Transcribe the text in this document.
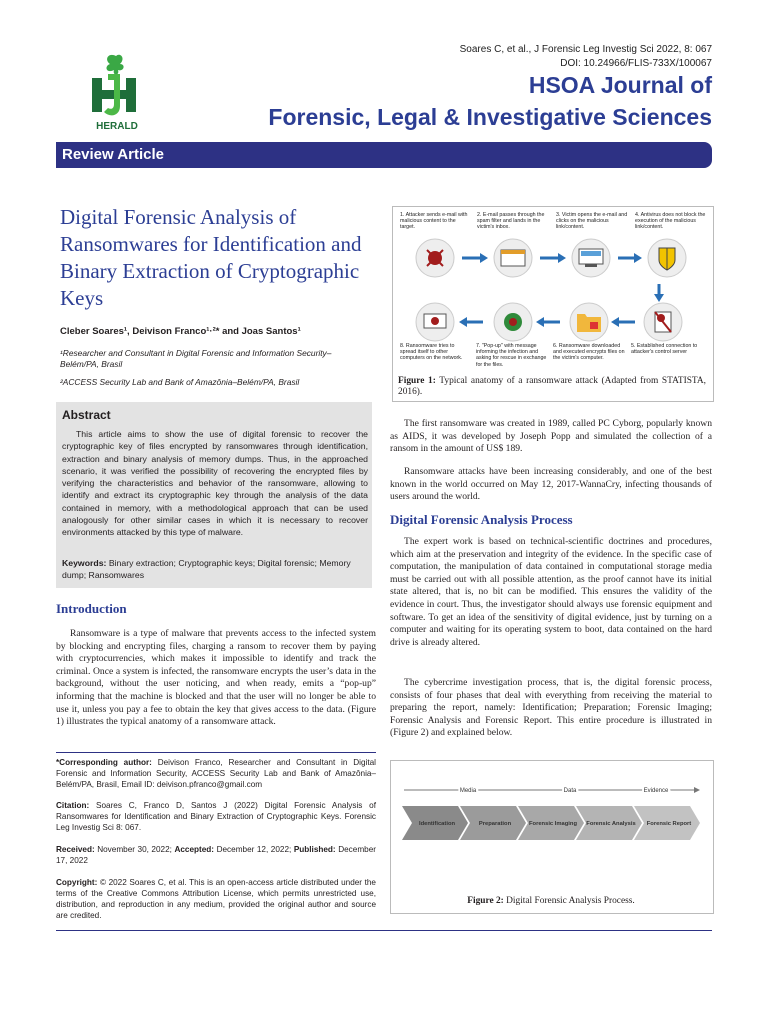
Soares C, et al., J Forensic Leg Investig Sci 2022, 8: 067
DOI: 10.24966/FLIS-733X/100067
HSOA Journal of
Forensic, Legal & Investigative Sciences
HERALD
Review Article
Digital Forensic Analysis of Ransomwares for Identification and Binary Extraction of Cryptographic Keys
Cleber Soares¹, Deivison Franco¹·²* and Joas Santos¹
¹Researcher and Consultant in Digital Forensic and Information Security– Belém/PA, Brasil
²ACCESS Security Lab and Bank of Amazônia–Belém/PA, Brasil
Abstract
This article aims to show the use of digital forensic to recover the cryptographic key of files encrypted by ransomwares through identification, extraction and binary analysis of memory dumps. Thus, in the approached scenario, it was verified the possibility of recovering the encrypted files by verifying the characteristics and behavior of the ransomware, allowing to identify and extract its cryptographic key through the analysis of the data contained in memory, with a methodological approach that can be used analogously for other similar cases in which it is necessary to recover environments attacked by this type of malware.
Keywords: Binary extraction; Cryptographic keys; Digital forensic; Memory dump; Ransomwares
Introduction
Ransomware is a type of malware that prevents access to the infected system by blocking and encrypting files, charging a ransom to recover them by paying with cryptocurrencies, which makes it impossible to identify and track the criminal. Once a system is infected, the ransomware encrypts the user’s data in the background, without the user noticing, and when ready, emits a “pop-up” informing that the machine is blocked and that the user will no longer be able to use it, unless you pay a fee to obtain the key that gives access to the data. (Figure 1) illustrates the typical anatomy of a ransomware attack.
*Corresponding author: Deivison Franco, Researcher and Consultant in Digital Forensic and Information Security, ACCESS Security Lab and Bank of Amazônia–Belém/PA, Brasil, Email ID: deivison.pfranco@gmail.com
Citation: Soares C, Franco D, Santos J (2022) Digital Forensic Analysis of Ransomwares for Identification and Binary Extraction of Cryptographic Keys. Forensic Leg Investig Sci 8: 067.
Received: November 30, 2022; Accepted: December 12, 2022; Published: December 17, 2022
Copyright: © 2022 Soares C, et al. This is an open-access article distributed under the terms of the Creative Commons Attribution License, which permits unrestricted use, distribution, and reproduction in any medium, provided the original author and source are credited.
1. Attacker sends e-mail with malicious content to the target.
2. E-mail passes through the spam filter and lands in the victim's inbox.
3. Victim opens the e-mail and clicks on the malicious link/content.
4. Antivirus does not block the execution of the malicious link/content.
8. Ransomware tries to spread itself to other computers on the network.
7. "Pop-up" with message informing the infection and asking for rescue in exchange for the files.
6. Ransomware downloaded and executed encrypts files on the victim's computer.
5. Established connection to attacker's control server
Figure 1: Typical anatomy of a ransomware attack (Adapted from STATISTA, 2016).
The first ransomware was created in 1989, called PC Cyborg, popularly known as AIDS, it was developed by Joseph Popp and simulated the collection of a ransom in the amount of US$ 189.
Ransomware attacks have been increasing considerably, and one of the best known in the world occurred on May 12, 2017-WannaCry, infecting thousands of users around the world.
Digital Forensic Analysis Process
The expert work is based on technical-scientific doctrines and procedures, which aim at the preservation and integrity of the evidence. In the specific case of computation, the manipulation of data contained in computational storage media must be carried out with all possible attention, as the proof cannot have its initial state altered, that is, no bit can be modified. This ensures the validity of the evidence in court. Thus, the investigator should always use forensic equipment and software. To get an idea of the sensitivity of digital evidence, just by turning on a computer and waiting for its operating system to boot, data contained on the hard drive is already altered.
The cybercrime investigation process, that is, the digital forensic process, consists of four phases that deal with everything from receiving the material to preparing the report, namely: Identification; Preparation; Forensic Imaging; Forensic Analysis and Forensic Report. This entire procedure is illustrated in (Figure 2) and explained below.
Media	Data	Evidence
Identification	Preparation	Forensic Imaging Forensic Analysis Forensic Report
Figure 2: Digital Forensic Analysis Process.
